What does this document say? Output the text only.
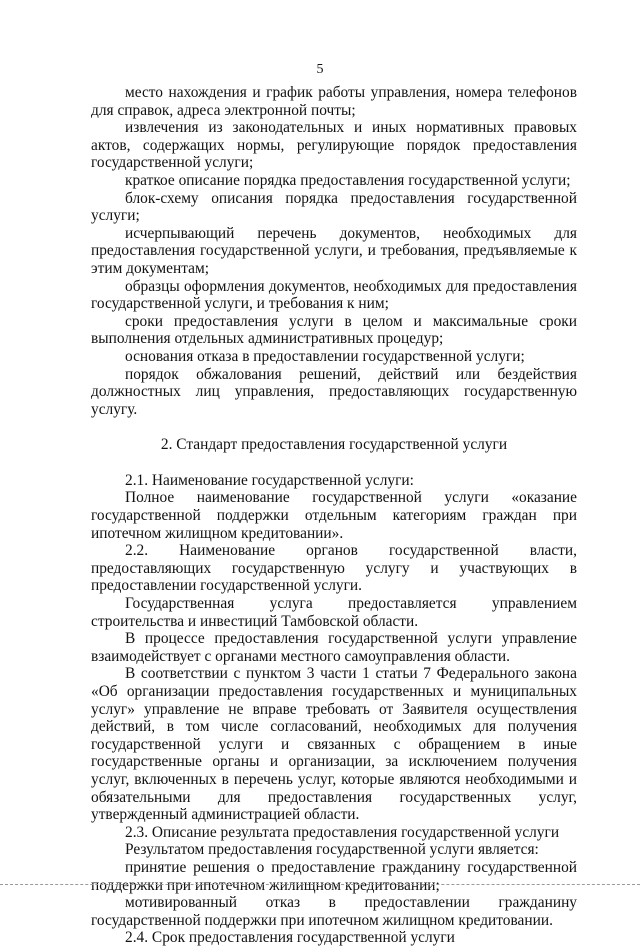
5

место нахождения и график работы управления, номера телефонов для справок, адреса электронной почты;

извлечения из законодательных и иных нормативных правовых актов, содержащих нормы, регулирующие порядок предоставления государственной услуги;

краткое описание порядка предоставления государственной услуги;

блок-схему описания порядка предоставления государственной услуги;

исчерпывающий перечень документов, необходимых для предоставления государственной услуги, и требования, предъявляемые к этим документам;

образцы оформления документов, необходимых для предоставления государственной услуги, и требования к ним;

сроки предоставления услуги в целом и максимальные сроки выполнения отдельных административных процедур;

основания отказа в предоставлении государственной услуги;

порядок обжалования решений, действий или бездействия должностных лиц управления, предоставляющих государственную услугу.

2. Стандарт предоставления государственной услуги

2.1. Наименование государственной услуги:

Полное наименование государственной услуги «оказание государственной поддержки отдельным категориям граждан при ипотечном жилищном кредитовании».

2.2. Наименование органов государственной власти, предоставляющих государственную услугу и участвующих в предоставлении государственной услуги.

Государственная услуга предоставляется управлением строительства и инвестиций Тамбовской области.

В процессе предоставления государственной услуги управление взаимодействует с органами местного самоуправления области.

В соответствии с пунктом 3 части 1 статьи 7 Федерального закона «Об организации предоставления государственных и муниципальных услуг» управление не вправе требовать от Заявителя осуществления действий, в том числе согласований, необходимых для получения государственной услуги и связанных с обращением в иные государственные органы и организации, за исключением получения услуг, включенных в перечень услуг, которые являются необходимыми и обязательными для предоставления государственных услуг, утвержденный администрацией области.

2.3. Описание результата предоставления государственной услуги

Результатом предоставления государственной услуги является:

принятие решения о предоставление гражданину государственной поддержки при ипотечном жилищном кредитовании;

мотивированный отказ в предоставлении гражданину государственной поддержки при ипотечном жилищном кредитовании.

2.4. Срок предоставления государственной услуги
